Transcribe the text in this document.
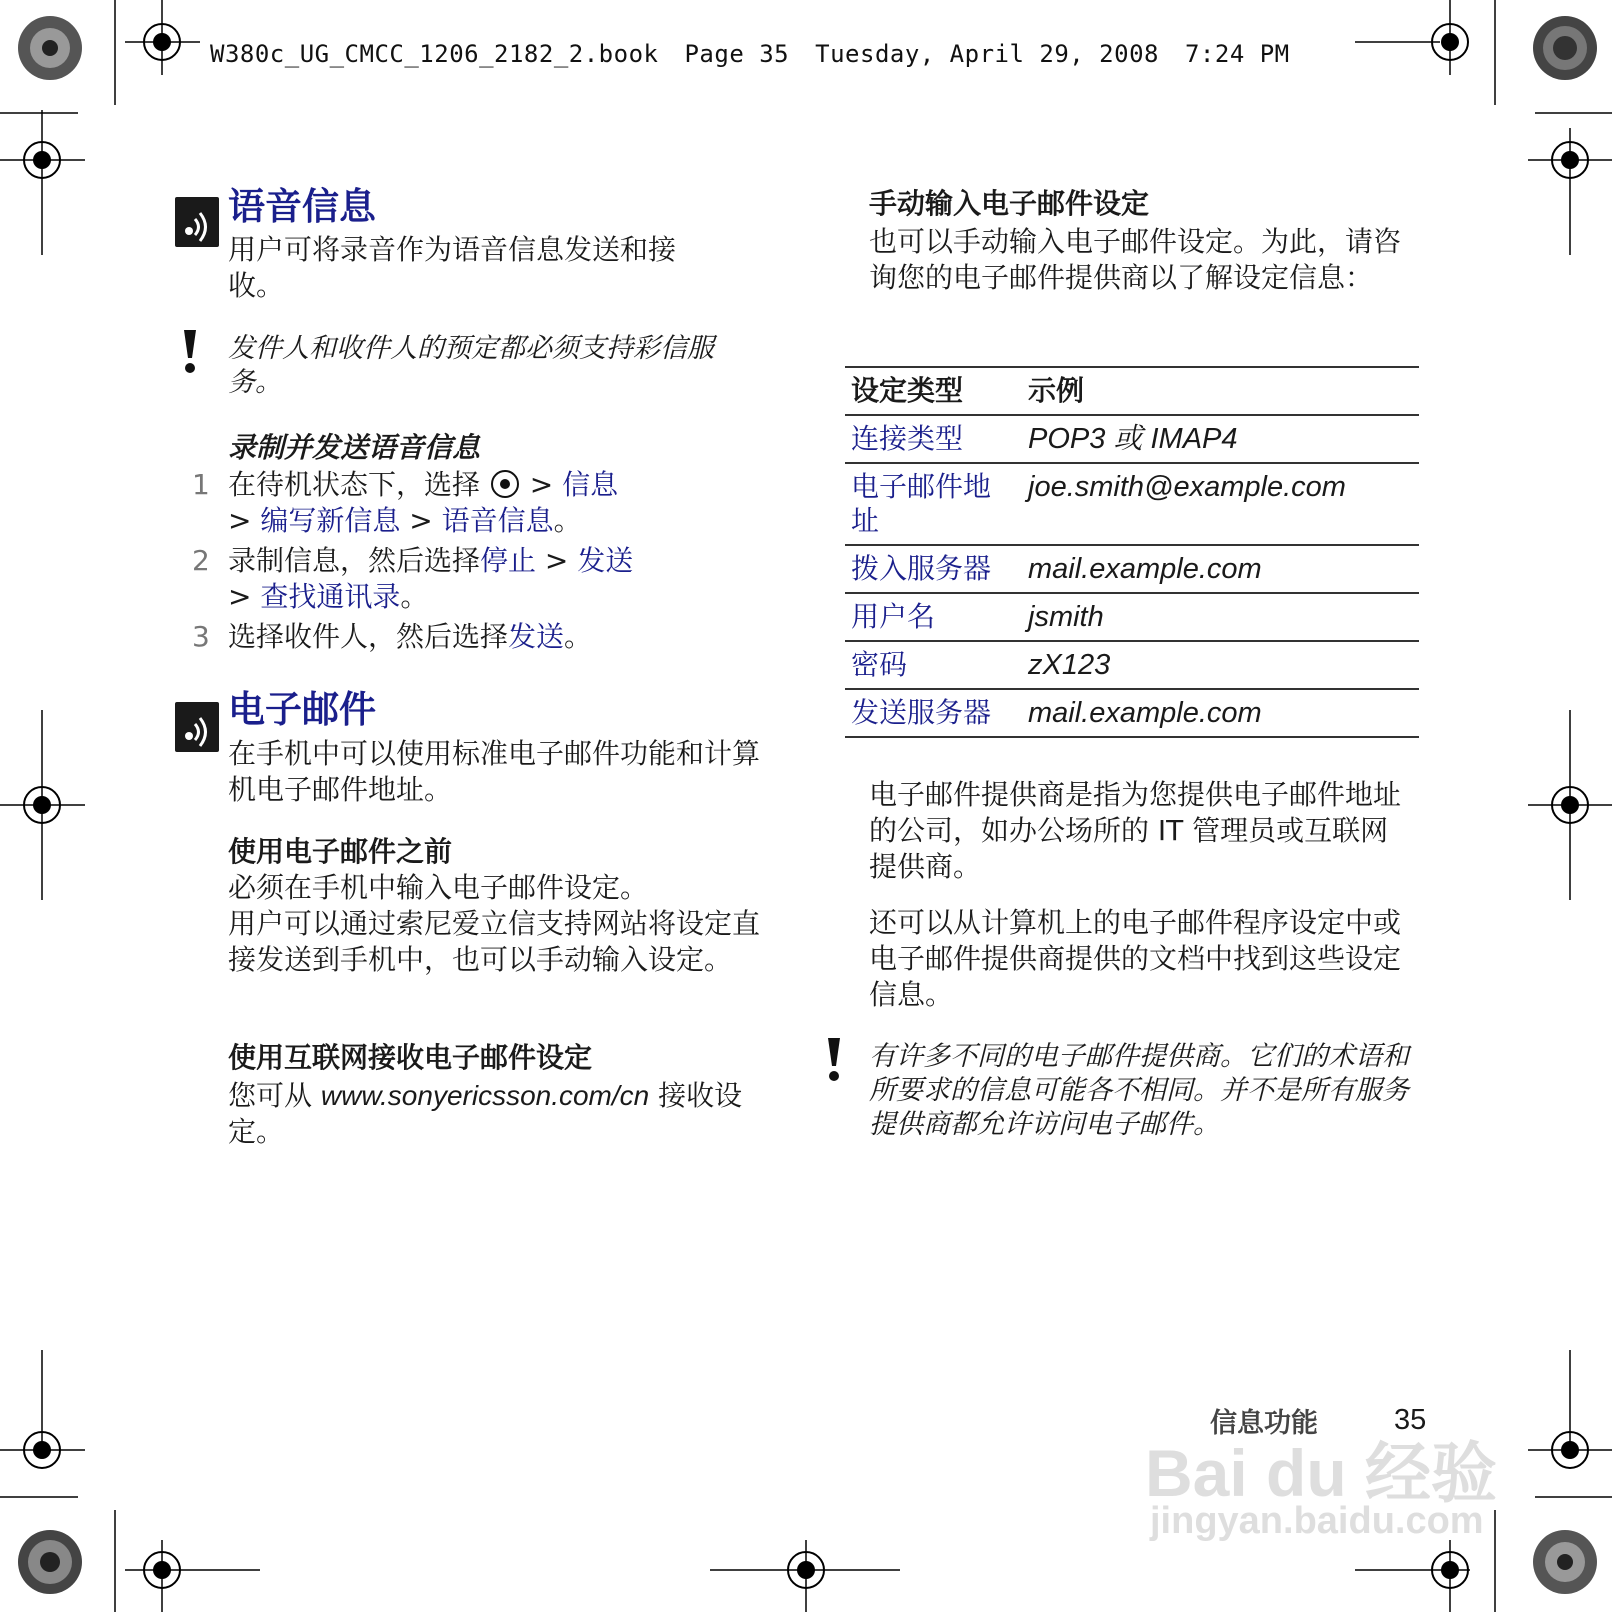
W380c_UG_CMCC_1206_2182_2.book Page 35 Tuesday, April 29, 2008 7:24 PM
语音信息
用户可将录音作为语音信息发送和接收。
发件人和收件人的预定都必须支持彩信服务。
录制并发送语音信息
1 在待机状态下，选择  > 信息
> 编写新信息 > 语音信息。
2 录制信息，然后选择停止 > 发送
> 查找通讯录。
3 选择收件人，然后选择发送。
电子邮件
在手机中可以使用标准电子邮件功能和计算机电子邮件地址。
使用电子邮件之前
必须在手机中输入电子邮件设定。
用户可以通过索尼爱立信支持网站将设定直接发送到手机中，也可以手动输入设定。
使用互联网接收电子邮件设定
您可从 www.sonyericsson.com/cn 接收设定。
手动输入电子邮件设定
也可以手动输入电子邮件设定。为此，请咨询您的电子邮件提供商以了解设定信息：
设定类型	示例
连接类型	POP3 或 IMAP4
电子邮件地址	joe.smith@example.com
拨入服务器	mail.example.com
用户名	jsmith
密码	zX123
发送服务器	mail.example.com
电子邮件提供商是指为您提供电子邮件地址的公司，如办公场所的 IT 管理员或互联网提供商。
还可以从计算机上的电子邮件程序设定中或电子邮件提供商提供的文档中找到这些设定信息。
有许多不同的电子邮件提供商。它们的术语和所要求的信息可能各不相同。并不是所有服务提供商都允许访问电子邮件。
信息功能	35
Bai du 经验
jingyan.baidu.com
